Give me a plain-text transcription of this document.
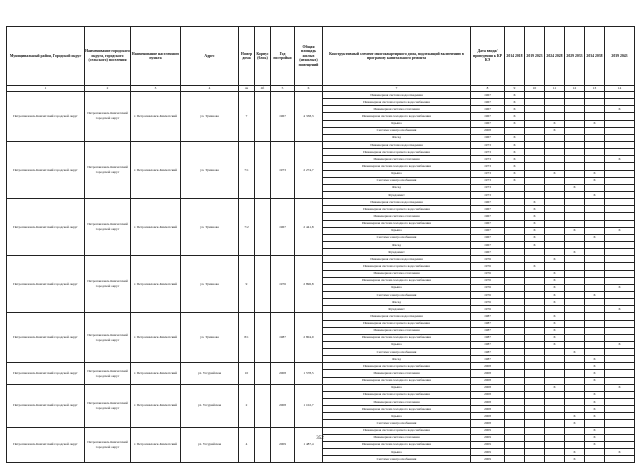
Муниципальный район, Городской округ	Наименование городского округа, городского (сельского) поселения	Наименование населенного пункта	Адрес	Номер дома	Корпус (блок)	Год постройки	Общая площадь жилых (нежилых) помещений	Конструктивный элемент многоквартирного дома, подлежащий включению в программу капитального ремонта	Дата ввода/ проведения к КР КЭ	2014 2018	2019 2023	2024 2028	2029 2033	2034 2038	2039 2043
1	2	3	4	4а	4б	5	6	7	8	9	10	11	12	13	14
Петропавловск-Камчатский городской округ	Петропавловск-Камчатский городской округ	г. Петропавловск-Камчатский	ул. Туманова	7		1967	4 338,3	Инженерная система водоотведения	1967	X					
								Инженерная система горячего водоснабжения	1967	X					
								Инженерная система отопления	1967	X					X
								Инженерная система холодного водоснабжения	1967	X					
								Крыша	1967	X		X		X	
								Система электроснабжения	2008			X			
								Фасад	1967	X					
Петропавловск-Камчатский городской округ	Петропавловск-Камчатский городской округ	г. Петропавловск-Камчатский	ул. Туманова	7/1		1973	2 274,7	Инженерная система водоотведения	1973	X					
								Инженерная система горячего водоснабжения	1973	X					
								Инженерная система отопления	1973	X					X
								Инженерная система холодного водоснабжения	1973	X					
								Крыша	1973	X		X		X	
								Система электроснабжения	1973	X				X	
								Фасад	1973				X		
								Фундамент	1973					X	
Петропавловск-Камчатский городской округ	Петропавловск-Камчатский городской округ	г. Петропавловск-Камчатский	ул. Туманова	7/2		1967	2 441,8	Инженерная система водоотведения	1967		X				
								Инженерная система горячего водоснабжения	1967		X				
								Инженерная система отопления	1967		X				
								Инженерная система холодного водоснабжения	1967		X				
								Крыша	1967		X		X		X
								Система электроснабжения	1967		X			X	
								Фасад	1967		X				
								Фундамент	1967				X		
Петропавловск-Камчатский городской округ	Петропавловск-Камчатский городской округ	г. Петропавловск-Камчатский	ул. Туманова	9		1976	2 896,8	Инженерная система водоотведения	1976			X			
								Инженерная система горячего водоснабжения	1976		X				
								Инженерная система отопления	1976			X			
								Инженерная система холодного водоснабжения	1976			X			
								Крыша	1976			X			X
								Система электроснабжения	1976			X		X	
								Фасад	1976			X			
								Фундамент	1976						X
Петропавловск-Камчатский городской округ	Петропавловск-Камчатский городской округ	г. Петропавловск-Камчатский	ул. Туманова	8/1		1987	2 804,9	Инженерная система водоотведения	1987			X			
								Инженерная система горячего водоснабжения	1987			X			
								Инженерная система отопления	1987			X			
								Инженерная система холодного водоснабжения	1987			X			
								Крыша	1987			X			X
								Система электроснабжения	1987				X		
								Фасад	1987					X	
Петропавловск-Камчатский городской округ	Петропавловск-Камчатский городской округ	г. Петропавловск-Камчатский	ул. Уссурийская	10		2008	1 578,5	Инженерная система горячего водоснабжения	2008					X	
								Инженерная система отопления	2008					X	
								Инженерная система холодного водоснабжения	2008					X	
Петропавловск-Камчатский городской округ	Петропавловск-Камчатский городской округ	г. Петропавловск-Камчатский	ул. Уссурийская	2		2008	1 102,7	Крыша	2008			X			X
								Инженерная система горячего водоснабжения	2008					X	
								Инженерная система отопления	2008					X	
								Инженерная система холодного водоснабжения	2008					X	
								Крыша	2008				X	X	
								Система электроснабжения	2008				X		
Петропавловск-Камчатский городской округ	Петропавловск-Камчатский городской округ	г. Петропавловск-Камчатский	ул. Уссурийская	4		2009	1 487,4	Инженерная система горячего водоснабжения	2009					X	
								Инженерная система отопления	2009					X	
								Инженерная система холодного водоснабжения	2009					X	
								Крыша	2009				X		X
								Система электроснабжения	2009				X		
352
